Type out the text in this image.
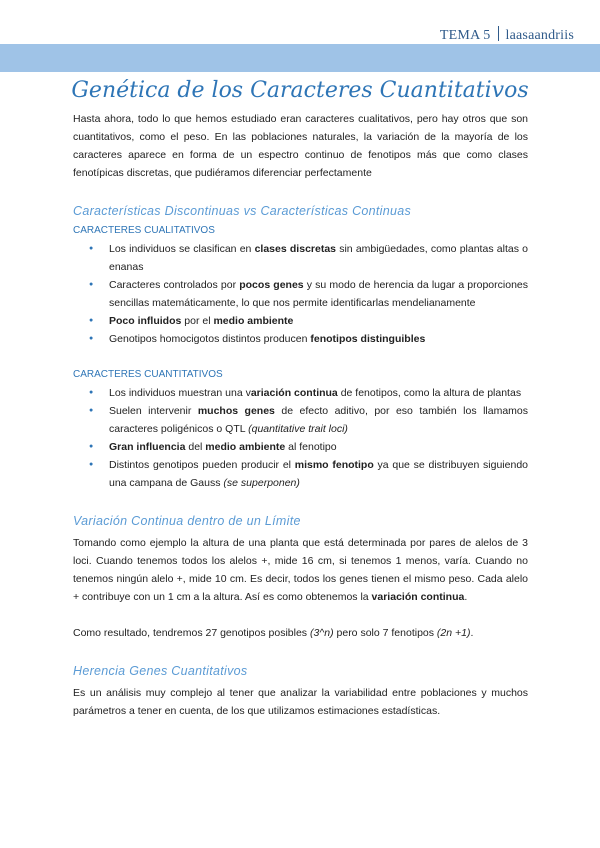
TEMA 5 laasaandriis
Genética de los Caracteres Cuantitativos

Hasta ahora, todo lo que hemos estudiado eran caracteres cualitativos, pero hay otros que son cuantitativos, como el peso. En las poblaciones naturales, la variación de la mayoría de los caracteres aparece en forma de un espectro continuo de fenotipos más que como clases fenotípicas discretas, que pudiéramos diferenciar perfectamente

Características Discontinuas vs Características Continuas

CARACTERES CUALITATIVOS

● Los individuos se clasifican en clases discretas sin ambigüedades, como plantas altas o enanas
● Caracteres controlados por pocos genes y su modo de herencia da lugar a proporciones sencillas matemáticamente, lo que nos permite identificarlas mendelianamente
● Poco influidos por el medio ambiente
● Genotipos homocigotos distintos producen fenotipos distinguibles

CARACTERES CUANTITATIVOS

● Los individuos muestran una variación continua de fenotipos, como la altura de plantas
● Suelen intervenir muchos genes de efecto aditivo, por eso también los llamamos caracteres poligénicos o QTL (quantitative trait loci)
● Gran influencia del medio ambiente al fenotipo
● Distintos genotipos pueden producir el mismo fenotipo ya que se distribuyen siguiendo una campana de Gauss (se superponen)

Variación Continua dentro de un Límite

Tomando como ejemplo la altura de una planta que está determinada por pares de alelos de 3 loci. Cuando tenemos todos los alelos +, mide 16 cm, si tenemos 1 menos, varía. Cuando no tenemos ningún alelo +, mide 10 cm. Es decir, todos los genes tienen el mismo peso. Cada alelo + contribuye con un 1 cm a la altura. Así es como obtenemos la variación continua.

Como resultado, tendremos 27 genotipos posibles (3^n) pero solo 7 fenotipos (2n +1).

Herencia Genes Cuantitativos

Es un análisis muy complejo al tener que analizar la variabilidad entre poblaciones y muchos parámetros a tener en cuenta, de los que utilizamos estimaciones estadísticas.
